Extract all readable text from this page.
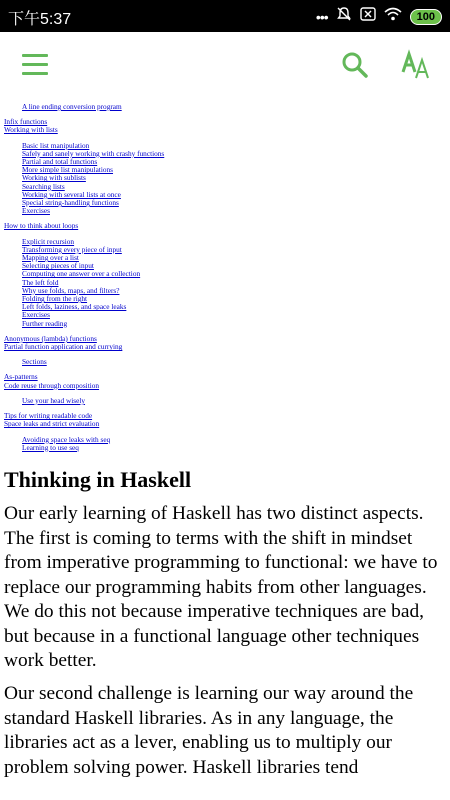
下午5:37	•••	100
A line ending conversion program
Infix functions
Working with lists
Basic list manipulation
Safely and sanely working with crashy functions
Partial and total functions
More simple list manipulations
Working with sublists
Searching lists
Working with several lists at once
Special string-handling functions
Exercises
How to think about loops
Explicit recursion
Transforming every piece of input
Mapping over a list
Selecting pieces of input
Computing one answer over a collection
The left fold
Why use folds, maps, and filters?
Folding from the right
Left folds, laziness, and space leaks
Exercises
Further reading
Anonymous (lambda) functions
Partial function application and currying
Sections
As-patterns
Code reuse through composition
Use your head wisely
Tips for writing readable code
Space leaks and strict evaluation
Avoiding space leaks with seq
Learning to use seq
Thinking in Haskell

Our early learning of Haskell has two distinct aspects. The first is coming to terms with the shift in mindset from imperative programming to functional: we have to replace our programming habits from other languages. We do this not because imperative techniques are bad, but because in a functional language other techniques work better.

Our second challenge is learning our way around the standard Haskell libraries. As in any language, the libraries act as a lever, enabling us to multiply our problem solving power. Haskell libraries tend
